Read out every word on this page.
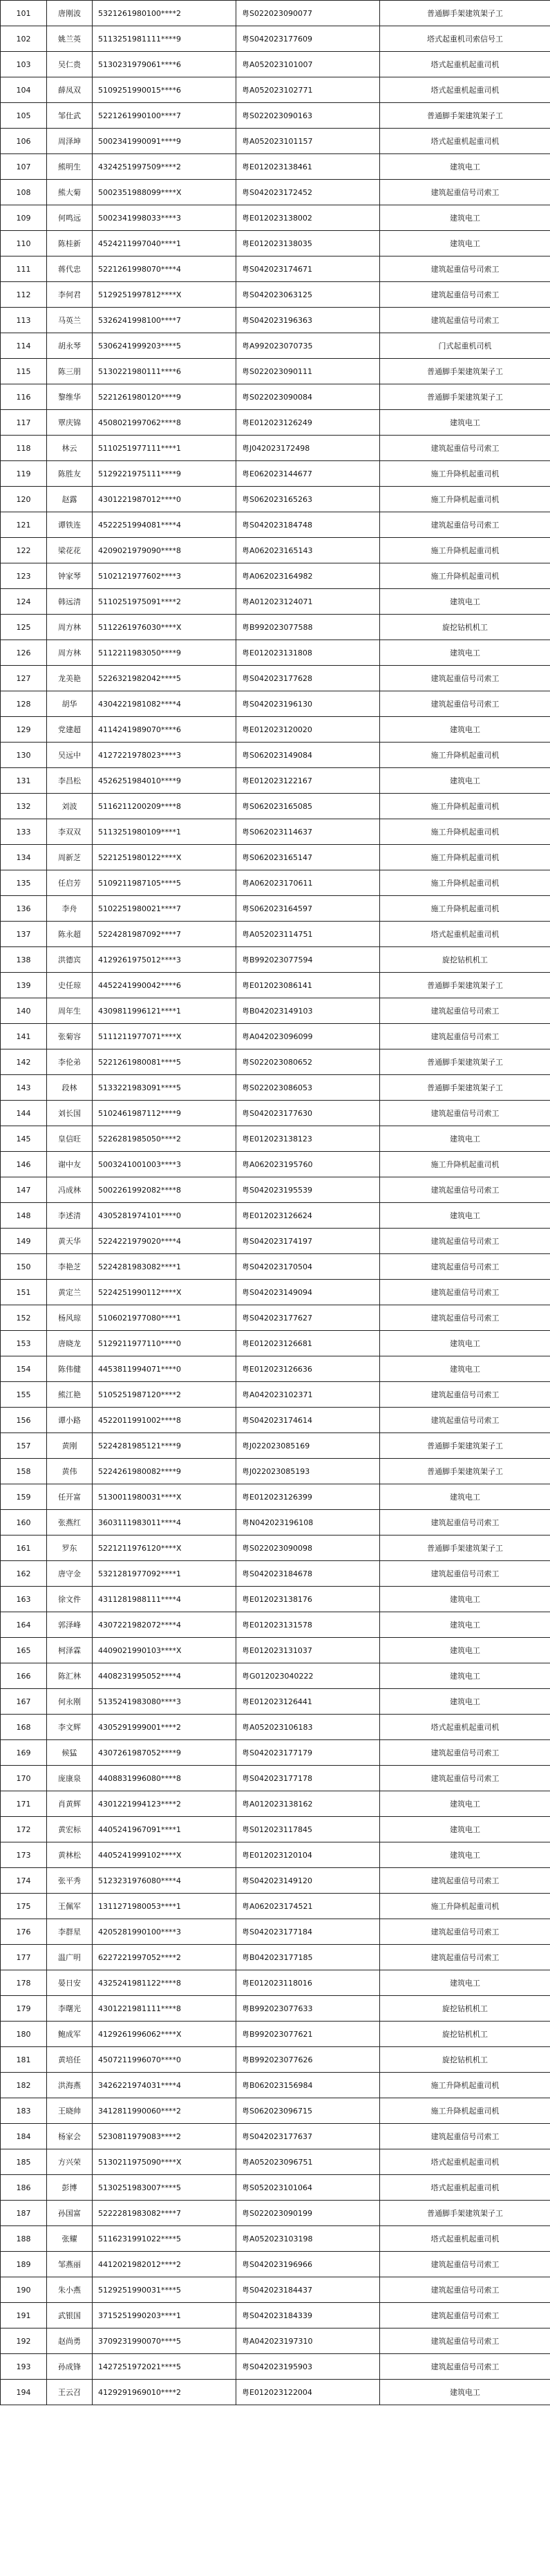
101	唐刚波	5321261980100****2	粤S022023090077	普通脚手架建筑架子工
102	姚兰英	5113251981111****9	粤S042023177609	塔式起重机司索信号工
103	吴仁贵	5130231979061****6	粤A052023101007	塔式起重机起重司机
104	薛凤双	5109251990015****6	粤A052023102771	塔式起重机起重司机
105	邹仕武	5221261990100****7	粤S022023090163	普通脚手架建筑架子工
106	周泽坤	5002341990091****9	粤A052023101157	塔式起重机起重司机
107	熊明生	4324251997509****2	粤E012023138461	建筑电工
108	熊大菊	5002351988099****X	粤S042023172452	建筑起重信号司索工
109	何鸣远	5002341998033****3	粤E012023138002	建筑电工
110	陈桂新	4524211997040****1	粤E012023138035	建筑电工
111	蒋代忠	5221261998070****4	粤S042023174671	建筑起重信号司索工
112	李何君	5129251997812****X	粤S042023063125	建筑起重信号司索工
113	马英兰	5326241998100****7	粤S042023196363	建筑起重信号司索工
114	胡永琴	5306241999203****5	粤A992023070735	门式起重机司机
115	陈三朋	5130221980111****6	粤S022023090111	普通脚手架建筑架子工
116	黎维华	5221261980120****9	粤S022023090084	普通脚手架建筑架子工
117	覃庆锦	4508021997062****8	粤E012023126249	建筑电工
118	林云	5110251977111****1	粤J042023172498	建筑起重信号司索工
119	陈胜友	5129221975111****9	粤E062023144677	施工升降机起重司机
120	赵露	4301221987012****0	粤S062023165263	施工升降机起重司机
121	谭铁连	4522251994081****4	粤S042023184748	建筑起重信号司索工
122	梁花花	4209021979090****8	粤A062023165143	施工升降机起重司机
123	钟家琴	5102121977602****3	粤A062023164982	施工升降机起重司机
124	韩远清	5110251975091****2	粤A012023124071	建筑电工
125	周方林	5112261976030****X	粤B992023077588	旋挖钻机机工
126	周方林	5112211983050****9	粤E012023131808	建筑电工
127	龙美艳	5226321982042****5	粤S042023177628	建筑起重信号司索工
128	胡华	4304221981082****4	粤S042023196130	建筑起重信号司索工
129	党建超	4114241989070****6	粤E012023120020	建筑电工
130	吴远中	4127221978023****3	粤S062023149084	施工升降机起重司机
131	李昌松	4526251984010****9	粤E012023122167	建筑电工
132	刘波	5116211200209****8	粤S062023165085	施工升降机起重司机
133	李双双	5113251980109****1	粤S062023114637	施工升降机起重司机
134	周新芝	5221251980122****X	粤S062023165147	施工升降机起重司机
135	任启芳	5109211987105****5	粤A062023170611	施工升降机起重司机
136	李舟	5102251980021****7	粤S062023164597	施工升降机起重司机
137	陈永超	5224281987092****7	粤A052023114751	塔式起重机起重司机
138	洪德宾	4129261975012****3	粤B992023077594	旋挖钻机机工
139	史任琼	4452241990042****6	粤E012023086141	普通脚手架建筑架子工
140	周年生	4309811996121****1	粤B042023149103	建筑起重信号司索工
141	张菊容	5111211977071****X	粤A042023096099	建筑起重信号司索工
142	李伦弟	5221261980081****5	粤S022023080652	普通脚手架建筑架子工
143	段林	5133221983091****5	粤S022023086053	普通脚手架建筑架子工
144	刘长国	5102461987112****9	粤S042023177630	建筑起重信号司索工
145	皇信旺	5226281985050****2	粤E012023138123	建筑电工
146	谢中友	5003241001003****3	粤A062023195760	施工升降机起重司机
147	冯成林	5002261992082****8	粤S042023195539	建筑起重信号司索工
148	李述清	4305281974101****0	粤E012023126624	建筑电工
149	黄天华	5224221979020****4	粤S042023174197	建筑起重信号司索工
150	李艳芝	5224281983082****1	粤S042023170504	建筑起重信号司索工
151	黄定兰	5224251990112****X	粤S042023149094	建筑起重信号司索工
152	杨风琼	5106021977080****1	粤S042023177627	建筑起重信号司索工
153	唐晓龙	5129211977110****0	粤E012023126681	建筑电工
154	陈伟健	4453811994071****0	粤E012023126636	建筑电工
155	熊江艳	5105251987120****2	粤A042023102371	建筑起重信号司索工
156	谭小路	4522011991002****8	粤S042023174614	建筑起重信号司索工
157	黄刚	5224281985121****9	粤J022023085169	普通脚手架建筑架子工
158	黄伟	5224261980082****9	粤J022023085193	普通脚手架建筑架子工
159	任开富	5130011980031****X	粤E012023126399	建筑电工
160	张燕红	3603111983011****4	粤N042023196108	建筑起重信号司索工
161	罗东	5221211976120****X	粤S022023090098	普通脚手架建筑架子工
162	唐守金	5321281977092****1	粤S042023184678	建筑起重信号司索工
163	徐文件	4311281988111****4	粤E012023138176	建筑电工
164	郭泽峰	4307221982072****4	粤E012023131578	建筑电工
165	柯泽霖	4409021990103****X	粤E012023131037	建筑电工
166	陈汇林	4408231995052****4	粤G012023040222	建筑电工
167	何永刚	5135241983080****3	粤E012023126441	建筑电工
168	李文辉	4305291999001****2	粤A052023106183	塔式起重机起重司机
169	候猛	4307261987052****9	粤S042023177179	建筑起重信号司索工
170	庞康泉	4408831996080****8	粤S042023177178	建筑起重信号司索工
171	肖黄辉	4301221994123****2	粤A012023138162	建筑电工
172	黄宏标	4405241967091****1	粤S012023117845	建筑电工
173	黄林松	4405241999102****X	粤E012023120104	建筑电工
174	张平秀	5123231976080****4	粤S042023149120	建筑起重信号司索工
175	王佩军	1311271980053****1	粤A062023174521	施工升降机起重司机
176	李群星	4205281990100****3	粤S042023177184	建筑起重信号司索工
177	温广明	6227221997052****2	粤B042023177185	建筑起重信号司索工
178	晏日安	4325241981122****8	粤E012023118016	建筑电工
179	李曙光	4301221981111****8	粤B992023077633	旋挖钻机机工
180	鲍成军	4129261996062****X	粤B992023077621	旋挖钻机机工
181	黄培任	4507211996070****0	粤B992023077626	旋挖钻机机工
182	洪海燕	3426221974031****4	粤B062023156984	施工升降机起重司机
183	王晓帅	3412811990060****2	粤S062023096715	施工升降机起重司机
184	杨家会	5230811979083****2	粤S042023177637	建筑起重信号司索工
185	方兴荣	5130211975090****X	粤A052023096751	塔式起重机起重司机
186	彭博	5130251983007****5	粤S052023101064	塔式起重机起重司机
187	孙国富	5222281983082****7	粤S022023090199	普通脚手架建筑架子工
188	张耀	5116231991022****5	粤A052023103198	塔式起重机起重司机
189	邹燕丽	4412021982012****2	粤S042023196966	建筑起重信号司索工
190	朱小燕	5129251990031****5	粤S042023184437	建筑起重信号司索工
191	武银国	3715251990203****1	粤S042023184339	建筑起重信号司索工
192	赵尚勇	3709231990070****5	粤A042023197310	建筑起重信号司索工
193	孙成锋	1427251972021****5	粤S042023195903	建筑起重信号司索工
194	王云召	4129291969010****2	粤E012023122004	建筑电工
